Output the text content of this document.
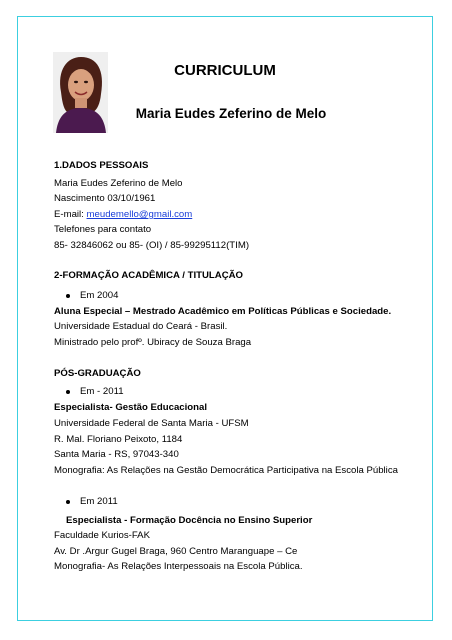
CURRICULUM
Maria Eudes Zeferino de Melo
1.DADOS PESSOAIS
Maria Eudes Zeferino de Melo
Nascimento 03/10/1961
E-mail: meudemello@gmail.com
Telefones para contato
85- 32846062 ou 85- (OI) / 85-99295112(TIM)
2-FORMAÇÃO ACADÊMICA / TITULAÇÃO
Em 2004
Aluna Especial – Mestrado Acadêmico em Políticas Públicas e Sociedade.
Universidade Estadual do Ceará - Brasil.
Ministrado pelo profº. Ubiracy de Souza Braga
PÓS-GRADUAÇÃO
Em - 2011
Especialista- Gestão Educacional
Universidade Federal de Santa Maria - UFSM
R. Mal. Floriano Peixoto, 1184
Santa Maria - RS, 97043-340
Monografia: As Relações na Gestão Democrática Participativa na Escola Pública
Em 2011
Especialista - Formação Docência no Ensino Superior
Faculdade Kurios-FAK
Av. Dr .Argur Gugel Braga, 960 Centro Maranguape – Ce
Monografia- As Relações Interpessoais na Escola Pública.
